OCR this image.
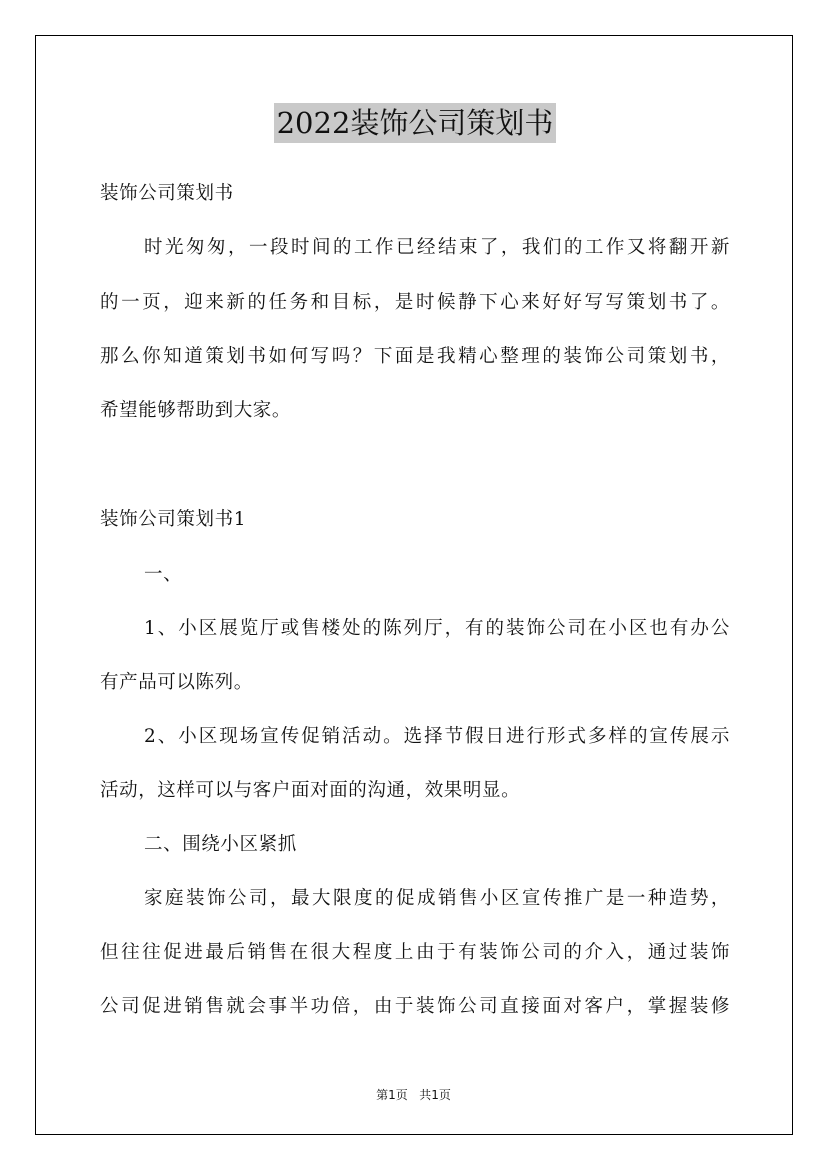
2022装饰公司策划书
装饰公司策划书
时光匆匆，一段时间的工作已经结束了，我们的工作又将翻开新
的一页，迎来新的任务和目标，是时候静下心来好好写写策划书了。
那么你知道策划书如何写吗？下面是我精心整理的装饰公司策划书，
希望能够帮助到大家。
装饰公司策划书1
一、
1、小区展览厅或售楼处的陈列厅，有的装饰公司在小区也有办公
有产品可以陈列。
2、小区现场宣传促销活动。选择节假日进行形式多样的宣传展示
活动，这样可以与客户面对面的沟通，效果明显。
二、围绕小区紧抓
家庭装饰公司，最大限度的促成销售小区宣传推广是一种造势，
但往往促进最后销售在很大程度上由于有装饰公司的介入，通过装饰
公司促进销售就会事半功倍，由于装饰公司直接面对客户，掌握装修
第1页 共1页
